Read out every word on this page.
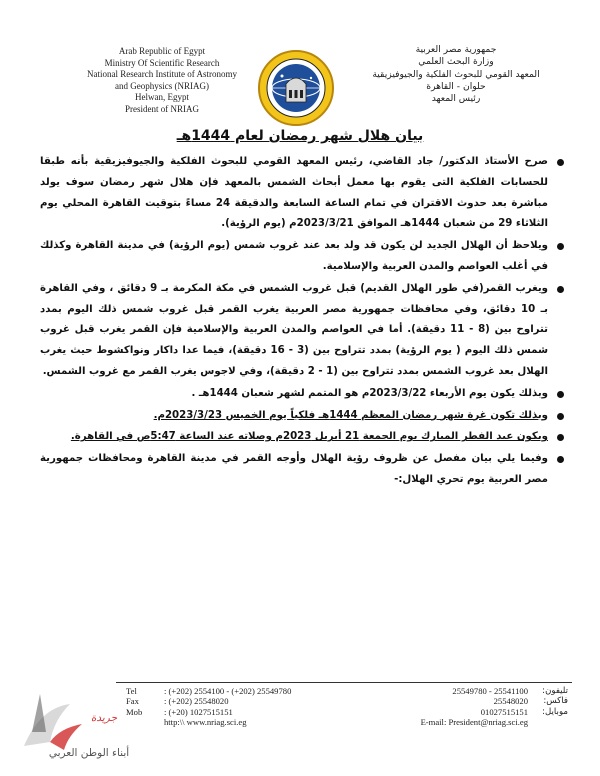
Arab Republic of Egypt
Ministry Of Scientific Research
National Research Institute of Astronomy
and Geophysics (NRIAG)
Helwan, Egypt
President of NRIAG
جمهورية مصر العربية
وزارة البحث العلمي
المعهد القومي للبحوث الفلكية والجيوفيزيقية
حلوان - القاهرة
رئيس المعهد
بيان هلال شهر رمضان لعام 1444هـ
صرح الأستاذ الدكتور/ جاد القاضي، رئيس المعهد القومي للبحوث الفلكية والجيوفيزيقية بأنه طبقا للحسابات الفلكية التى يقوم بها معمل أبحاث الشمس بالمعهد فإن هلال شهر رمضان سوف يولد مباشرة بعد حدوث الاقتران في تمام الساعة السابعة والدقيقة 24 مساءً بتوقيت القاهرة المحلي يوم الثلاثاء 29 من شعبان 1444هـ الموافق 2023/3/21م (يوم الرؤية).
ويلاحظ أن الهلال الجديد لن يكون قد ولد بعد عند غروب شمس (يوم الرؤية) في مدينة القاهرة وكذلك في أغلب العواصم والمدن العربية والإسلامية.
ويغرب القمر(في طور الهلال القديم) قبل غروب الشمس في مكة المكرمة بـ 9 دقائق ، وفي القاهرة بـ 10 دقائق، وفي محافظات جمهورية مصر العربية يغرب القمر قبل غروب شمس ذلك اليوم بمدد تتراوح بين (8 - 11 دقيقة). أما في العواصم والمدن العربية والإسلامية فإن القمر يغرب قبل غروب شمس ذلك اليوم ( يوم الرؤية) بمدد تتراوح بين (3 - 16 دقيقة)، فيما عدا داكار ونواكشوط حيث يغرب الهلال بعد غروب الشمس بمدد تتراوح بين (1 - 2 دقيقة)، وفي لاجوس يغرب القمر مع غروب الشمس.
وبذلك يكون يوم الأربعاء 2023/3/22م هو المتمم لشهر شعبان 1444هـ .
وبذلك تكون غرة شهر رمضان المعظم 1444هـ فلكياً يوم الخميس 2023/3/23م.
ويكون عيد الفطر المبارك يوم الجمعة 21 أبريل 2023م وصلاته عند الساعة 5:47ص في القاهرة.
وفيما يلي بيان مفصل عن ظروف رؤية الهلال وأوجه القمر في مدينة القاهرة ومحافظات جمهورية مصر العربية يوم تحري الهلال:-
Tel	: (+202) 2554100 - (+202) 25549780
Fax	: (+202) 25548020
Mob	: (+20) 1027515151
http:\\ www.nriag.sci.eg
تليفون:
25549780 - 25541100
فاكس:
25548020
موبايل:
01027515151
E-mail: President@nriag.sci.eg
جريدة
أبناء الوطن العربي
